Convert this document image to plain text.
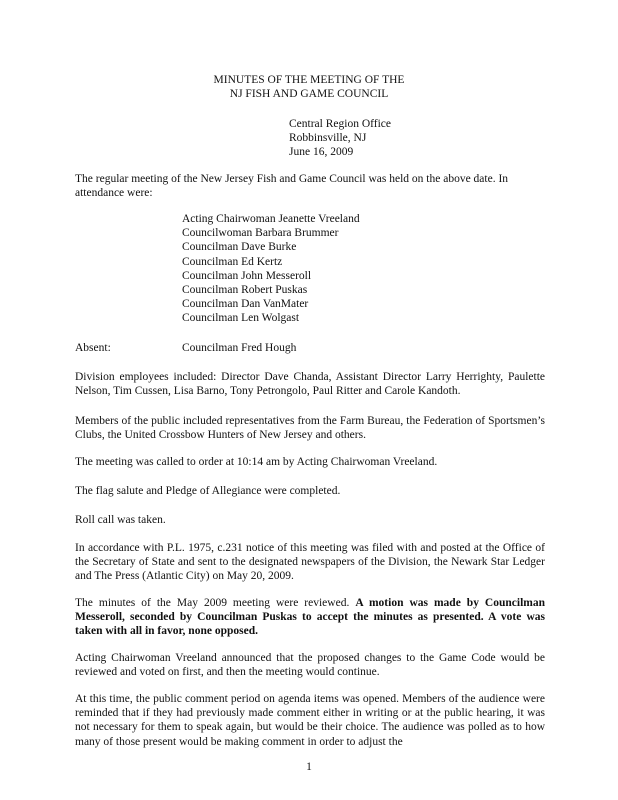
MINUTES OF THE MEETING OF THE
NJ FISH AND GAME COUNCIL
Central Region Office
Robbinsville, NJ
June 16, 2009

The regular meeting of the New Jersey Fish and Game Council was held on the above date. In attendance were:

Acting Chairwoman Jeanette Vreeland
Councilwoman Barbara Brummer
Councilman Dave Burke
Councilman Ed Kertz
Councilman John Messeroll
Councilman Robert Puskas
Councilman Dan VanMater
Councilman Len Wolgast
Absent:	Councilman Fred Hough

Division employees included: Director Dave Chanda, Assistant Director Larry Herrighty, Paulette Nelson, Tim Cussen, Lisa Barno, Tony Petrongolo, Paul Ritter and Carole Kandoth.

Members of the public included representatives from the Farm Bureau, the Federation of Sportsmen’s Clubs, the United Crossbow Hunters of New Jersey and others.

The meeting was called to order at 10:14 am by Acting Chairwoman Vreeland.

The flag salute and Pledge of Allegiance were completed.

Roll call was taken.

In accordance with P.L. 1975, c.231 notice of this meeting was filed with and posted at the Office of the Secretary of State and sent to the designated newspapers of the Division, the Newark Star Ledger and The Press (Atlantic City) on May 20, 2009.

The minutes of the May 2009 meeting were reviewed. A motion was made by Councilman Messeroll, seconded by Councilman Puskas to accept the minutes as presented. A vote was taken with all in favor, none opposed.

Acting Chairwoman Vreeland announced that the proposed changes to the Game Code would be reviewed and voted on first, and then the meeting would continue.

At this time, the public comment period on agenda items was opened. Members of the audience were reminded that if they had previously made comment either in writing or at the public hearing, it was not necessary for them to speak again, but would be their choice. The audience was polled as to how many of those present would be making comment in order to adjust the

1
